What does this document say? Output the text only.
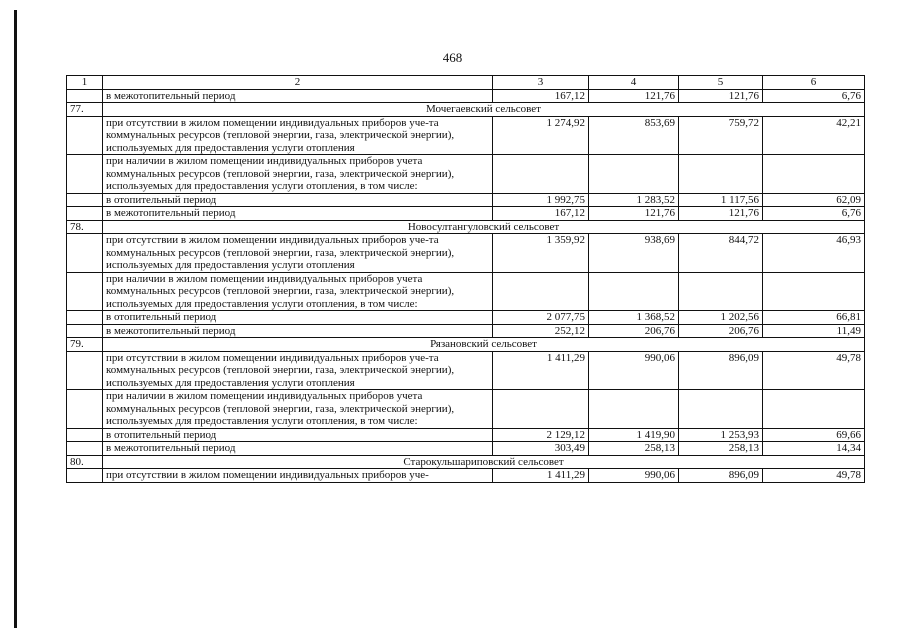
468
1	2	3	4	5	6
	в межотопительный период	167,12	121,76	121,76	6,76
77.	Мочегаевский сельсовет				
	при отсутствии в жилом помещении индивидуальных приборов уче-та коммунальных ресурсов (тепловой энергии, газа, электрической энергии), используемых для предоставления услуги отопления	1 274,92	853,69	759,72	42,21
	при наличии в жилом помещении индивидуальных приборов учета коммунальных ресурсов (тепловой энергии, газа, электрической энергии), используемых для предоставления услуги отопления, в том числе:				
	в отопительный период	1 992,75	1 283,52	1 117,56	62,09
	в межотопительный период	167,12	121,76	121,76	6,76
78.	Новосултангуловский сельсовет				
	при отсутствии в жилом помещении индивидуальных приборов уче-та коммунальных ресурсов (тепловой энергии, газа, электрической энергии), используемых для предоставления услуги отопления	1 359,92	938,69	844,72	46,93
	при наличии в жилом помещении индивидуальных приборов учета коммунальных ресурсов (тепловой энергии, газа, электрической энергии), используемых для предоставления услуги отопления, в том числе:				
	в отопительный период	2 077,75	1 368,52	1 202,56	66,81
	в межотопительный период	252,12	206,76	206,76	11,49
79.	Рязановский сельсовет				
	при отсутствии в жилом помещении индивидуальных приборов уче-та коммунальных ресурсов (тепловой энергии, газа, электрической энергии), используемых для предоставления услуги отопления	1 411,29	990,06	896,09	49,78
	при наличии в жилом помещении индивидуальных приборов учета коммунальных ресурсов (тепловой энергии, газа, электрической энергии), используемых для предоставления услуги отопления, в том числе:				
	в отопительный период	2 129,12	1 419,90	1 253,93	69,66
	в межотопительный период	303,49	258,13	258,13	14,34
80.	Старокульшариповский сельсовет				
	при отсутствии в жилом помещении индивидуальных приборов уче-	1 411,29	990,06	896,09	49,78
